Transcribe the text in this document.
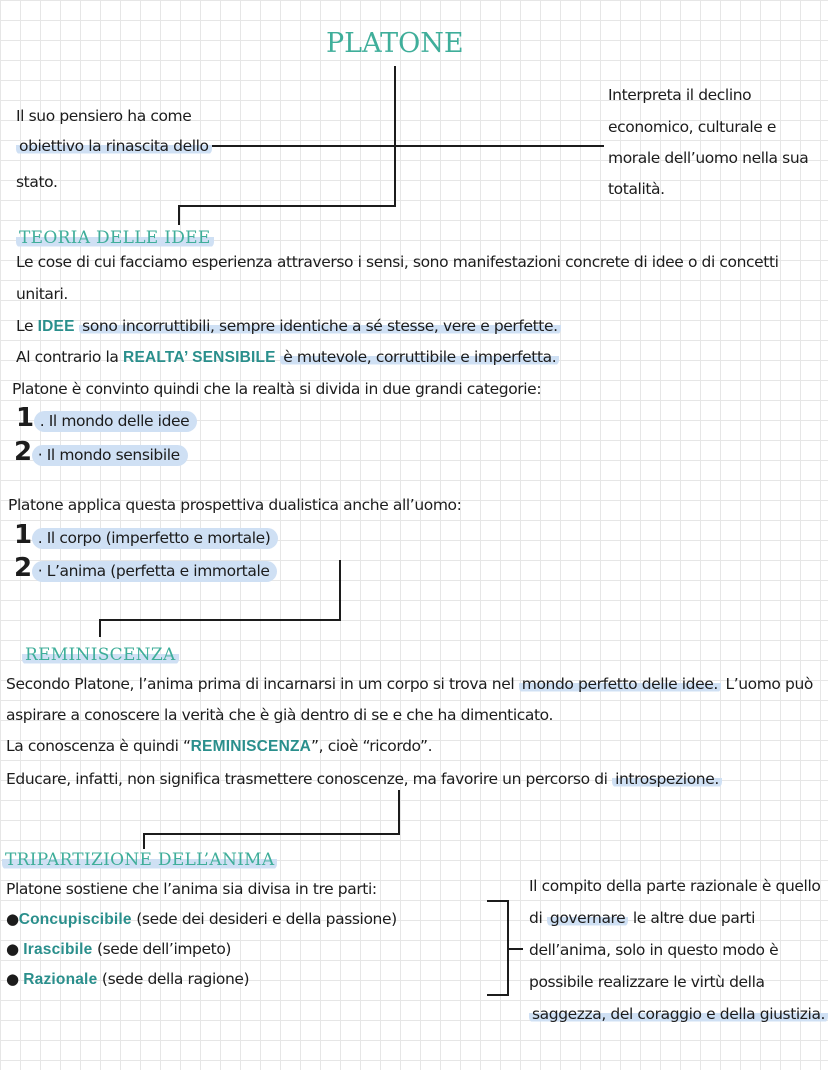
PLATONE
Il suo pensiero ha come
obiettivo la rinascita dello
stato.
Interpreta il declino
economico, culturale e
morale dell’uomo nella sua
totalità.
TEORIA DELLE IDEE
Le cose di cui facciamo esperienza attraverso i sensi, sono manifestazioni concrete di idee o di concetti
unitari.
Le IDEE sono incorruttibili, sempre identiche a sé stesse, vere e perfette.
Al contrario la REALTA’ SENSIBILE è mutevole, corruttibile e imperfetta.
Platone è convinto quindi che la realtà si divida in due grandi categorie:
1 . Il mondo delle idee
2 · Il mondo sensibile
Platone applica questa prospettiva dualistica anche all’uomo:
1 . Il corpo (imperfetto e mortale)
2 · L’anima (perfetta e immortale
REMINISCENZA
Secondo Platone, l’anima prima di incarnarsi in um corpo si trova nel mondo perfetto delle idee. L’uomo può
aspirare a conoscere la verità che è già dentro di se e che ha dimenticato.
La conoscenza è quindi “REMINISCENZA”, cioè “ricordo”.
Educare, infatti, non significa trasmettere conoscenze, ma favorire un percorso di introspezione.
TRIPARTIZIONE DELL’ANIMA
Platone sostiene che l’anima sia divisa in tre parti:
●Concupiscibile (sede dei desideri e della passione)
● Irascibile (sede dell’impeto)
● Razionale (sede della ragione)
Il compito della parte razionale è quello
di governare le altre due parti
dell’anima, solo in questo modo è
possibile realizzare le virtù della
saggezza, del coraggio e della giustizia.
